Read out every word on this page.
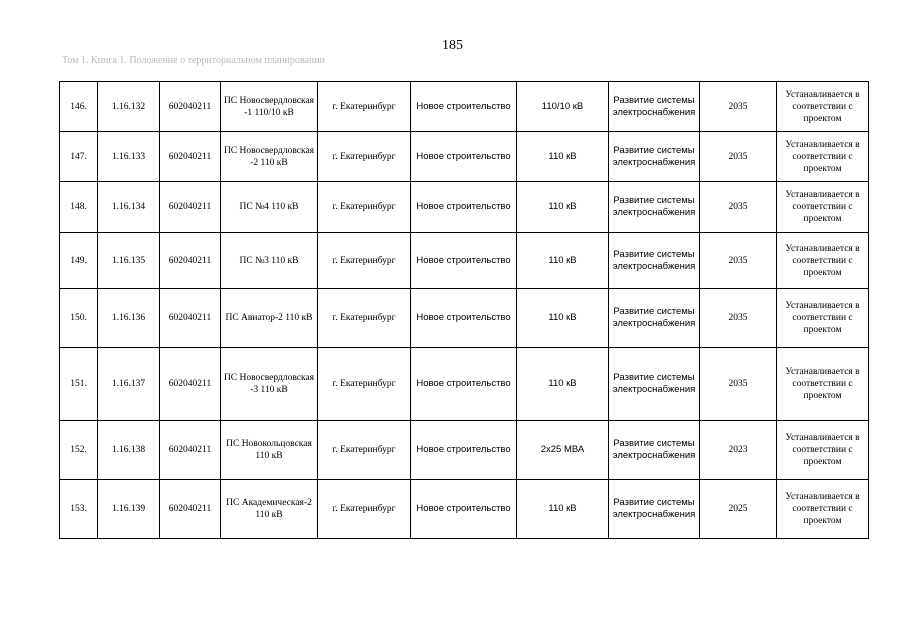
185
Том 1. Книга 1. Положение о территориальном планировании
146.	1.16.132	602040211	ПС Новосвердловская -1 110/10 кВ	г. Екатеринбург	Новое строительство	110/10 кВ	Развитие системы электроснабжения	2035	Устанавливается в соответствии с проектом
147.	1.16.133	602040211	ПС Новосвердловская -2 110 кВ	г. Екатеринбург	Новое строительство	110 кВ	Развитие системы электроснабжения	2035	Устанавливается в соответствии с проектом
148.	1.16.134	602040211	ПС №4 110 кВ	г. Екатеринбург	Новое строительство	110 кВ	Развитие системы электроснабжения	2035	Устанавливается в соответствии с проектом
149.	1.16.135	602040211	ПС №3 110 кВ	г. Екатеринбург	Новое строительство	110 кВ	Развитие системы электроснабжения	2035	Устанавливается в соответствии с проектом
150.	1.16.136	602040211	ПС Авиатор-2 110 кВ	г. Екатеринбург	Новое строительство	110 кВ	Развитие системы электроснабжения	2035	Устанавливается в соответствии с проектом
151.	1.16.137	602040211	ПС Новосвердловская -3 110 кВ	г. Екатеринбург	Новое строительство	110 кВ	Развитие системы электроснабжения	2035	Устанавливается в соответствии с проектом
152.	1.16.138	602040211	ПС Новокольцовская 110 кВ	г. Екатеринбург	Новое строительство	2х25 МВА	Развитие системы электроснабжения	2023	Устанавливается в соответствии с проектом
153.	1.16.139	602040211	ПС Академическая-2 110 кВ	г. Екатеринбург	Новое строительство	110 кВ	Развитие системы электроснабжения	2025	Устанавливается в соответствии с проектом
